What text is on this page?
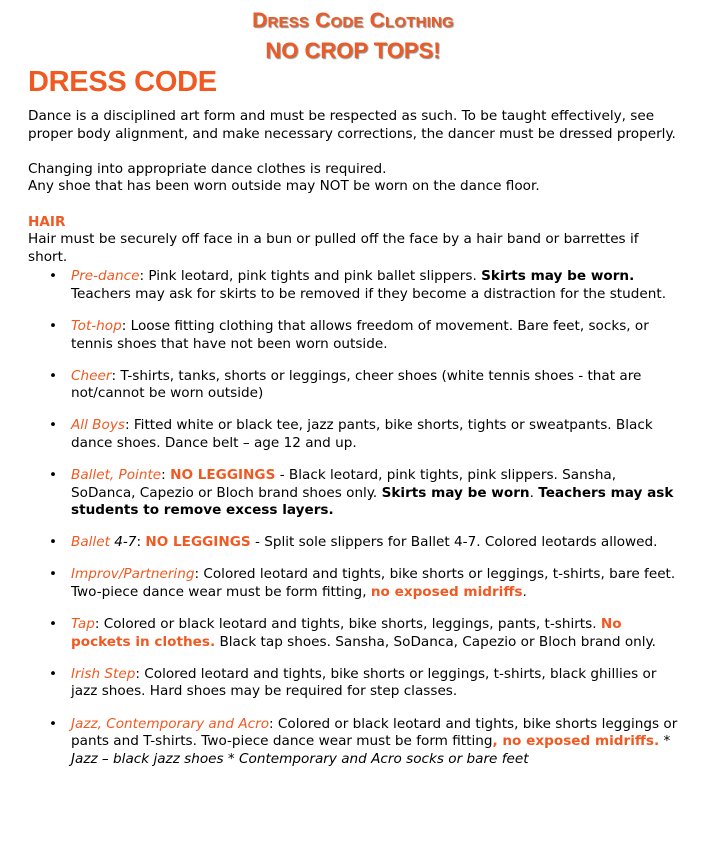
Dress Code Clothing
NO CROP TOPS!
DRESS CODE

Dance is a disciplined art form and must be respected as such. To be taught effectively, see proper body alignment, and make necessary corrections, the dancer must be dressed properly.

Changing into appropriate dance clothes is required.
Any shoe that has been worn outside may NOT be worn on the dance floor.

HAIR
Hair must be securely off face in a bun or pulled off the face by a hair band or barrettes if short.
• Pre-dance: Pink leotard, pink tights and pink ballet slippers. Skirts may be worn. Teachers may ask for skirts to be removed if they become a distraction for the student.
• Tot-hop: Loose fitting clothing that allows freedom of movement. Bare feet, socks, or tennis shoes that have not been worn outside.
• Cheer: T-shirts, tanks, shorts or leggings, cheer shoes (white tennis shoes - that are not/cannot be worn outside)
• All Boys: Fitted white or black tee, jazz pants, bike shorts, tights or sweatpants. Black dance shoes. Dance belt – age 12 and up.
• Ballet, Pointe: NO LEGGINGS - Black leotard, pink tights, pink slippers. Sansha, SoDanca, Capezio or Bloch brand shoes only. Skirts may be worn. Teachers may ask students to remove excess layers.
• Ballet 4-7: NO LEGGINGS - Split sole slippers for Ballet 4-7. Colored leotards allowed.
• Improv/Partnering: Colored leotard and tights, bike shorts or leggings, t-shirts, bare feet. Two-piece dance wear must be form fitting, no exposed midriffs.
• Tap: Colored or black leotard and tights, bike shorts, leggings, pants, t-shirts. No pockets in clothes. Black tap shoes. Sansha, SoDanca, Capezio or Bloch brand only.
• Irish Step: Colored leotard and tights, bike shorts or leggings, t-shirts, black ghillies or jazz shoes. Hard shoes may be required for step classes.
• Jazz, Contemporary and Acro: Colored or black leotard and tights, bike shorts leggings or pants and T-shirts. Two-piece dance wear must be form fitting, no exposed midriffs. * Jazz – black jazz shoes * Contemporary and Acro socks or bare feet
